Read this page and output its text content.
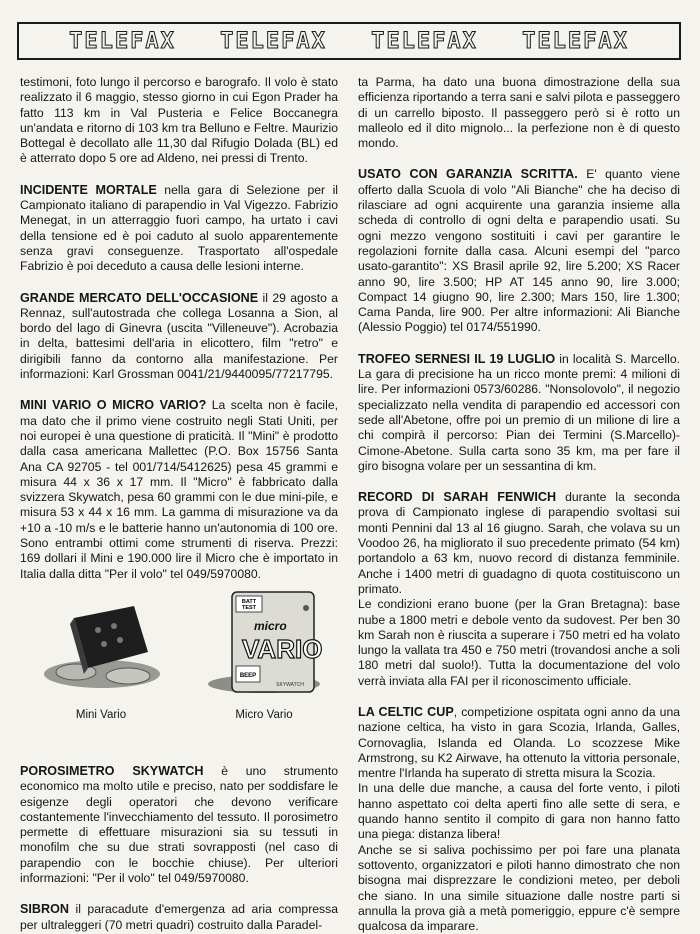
TELEFAX TELEFAX TELEFAX TELEFAX

testimoni, foto lungo il percorso e barografo. Il volo è stato realizzato il 6 maggio, stesso giorno in cui Egon Prader ha fatto 113 km in Val Pusteria e Felice Boccanegra un'andata e ritorno di 103 km tra Belluno e Feltre. Maurizio Bottegal è decollato alle 11,30 dal Rifugio Dolada (BL) ed è atterrato dopo 5 ore ad Aldeno, nei pressi di Trento.

INCIDENTE MORTALE nella gara di Selezione per il Campionato italiano di parapendio in Val Vigezzo. Fabrizio Menegat, in un atterraggio fuori campo, ha urtato i cavi della tensione ed è poi caduto al suolo apparentemente senza gravi conseguenze. Trasportato all'ospedale Fabrizio è poi deceduto a causa delle lesioni interne.

GRANDE MERCATO DELL'OCCASIONE il 29 agosto a Rennaz, sull'autostrada che collega Losanna a Sion, al bordo del lago di Ginevra (uscita "Villeneuve"). Acrobazia in delta, battesimi dell'aria in elicottero, film "retro" e dirigibili fanno da contorno alla manifestazione. Per informazioni: Karl Grossman 0041/21/9440095/77217795.

MINI VARIO O MICRO VARIO? La scelta non è facile, ma dato che il primo viene costruito negli Stati Uniti, per noi europei è una questione di praticità. Il "Mini" è prodotto dalla casa americana Mallettec (P.O. Box 15756 Santa Ana CA 92705 - tel 001/714/5412625) pesa 45 grammi e misura 44 x 36 x 17 mm. Il "Micro" è fabbricato dalla svizzera Skywatch, pesa 60 grammi con le due mini-pile, e misura 53 x 44 x 16 mm. La gamma di misurazione va da +10 a -10 m/s e le batterie hanno un'autonomia di 100 ore. Sono entrambi ottimi come strumenti di riserva. Prezzi: 169 dollari il Mini e 190.000 lire il Micro che è importato in Italia dalla ditta "Per il volo" tel 049/5970080.

BATT
TEST
micro
VARIO
BEEP
SKYWATCH
Mini Vario	Micro Vario

POROSIMETRO SKYWATCH è uno strumento economico ma molto utile e preciso, nato per soddisfare le esigenze degli operatori che devono verificare costantemente l'invecchiamento del tessuto. Il porosimetro permette di effettuare misurazioni sia su tessuti in monofilm che su due strati sovrapposti (nel caso di parapendio con le bocchie chiuse). Per ulteriori informazioni: "Per il volo" tel 049/5970080.

SIBRON il paracadute d'emergenza ad aria compressa per ultraleggeri (70 metri quadri) costruito dalla Paradel-

ta Parma, ha dato una buona dimostrazione della sua efficienza riportando a terra sani e salvi pilota e passeggero di un carrello biposto. Il passeggero però si è rotto un malleolo ed il dito mignolo... la perfezione non è di questo mondo.

USATO CON GARANZIA SCRITTA. E' quanto viene offerto dalla Scuola di volo "Ali Bianche" che ha deciso di rilasciare ad ogni acquirente una garanzia insieme alla scheda di controllo di ogni delta e parapendio usati. Su ogni mezzo vengono sostituiti i cavi per garantire le regolazioni fornite dalla casa. Alcuni esempi del "parco usato-garantito": XS Brasil aprile 92, lire 5.200; XS Racer anno 90, lire 3.500; HP AT 145 anno 90, lire 3.000; Compact 14 giugno 90, lire 2.300; Mars 150, lire 1.300; Cama Panda, lire 900. Per altre informazioni: Ali Bianche (Alessio Poggio) tel 0174/551990.

TROFEO SERNESI IL 19 LUGLIO in località S. Marcello. La gara di precisione ha un ricco monte premi: 4 milioni di lire. Per informazioni 0573/60286. "Nonsolovolo", il negozio specializzato nella vendita di parapendio ed accessori con sede all'Abetone, offre poi un premio di un milione di lire a chi compirà il percorso: Pian dei Termini (S.Marcello)-Cimone-Abetone. Sulla carta sono 35 km, ma per fare il giro bisogna volare per un sessantina di km.

RECORD DI SARAH FENWICH durante la seconda prova di Campionato inglese di parapendio svoltasi sui monti Pennini dal 13 al 16 giugno. Sarah, che volava su un Voodoo 26, ha migliorato il suo precedente primato (54 km) portandolo a 63 km, nuovo record di distanza femminile. Anche i 1400 metri di guadagno di quota costituiscono un primato.

Le condizioni erano buone (per la Gran Bretagna): base nube a 1800 metri e debole vento da sudovest. Per ben 30 km Sarah non è riuscita a superare i 750 metri ed ha volato lungo la vallata tra 450 e 750 metri (trovandosi anche a soli 180 metri dal suolo!). Tutta la documentazione del volo verrà inviata alla FAI per il riconoscimento ufficiale.

LA CELTIC CUP, competizione ospitata ogni anno da una nazione celtica, ha visto in gara Scozia, Irlanda, Galles, Cornovaglia, Islanda ed Olanda. Lo scozzese Mike Armstrong, su K2 Airwave, ha ottenuto la vittoria personale, mentre l'Irlanda ha superato di stretta misura la Scozia.

In una delle due manche, a causa del forte vento, i piloti hanno aspettato coi delta aperti fino alle sette di sera, e quando hanno sentito il compito di gara non hanno fatto una piega: distanza libera!

Anche se si saliva pochissimo per poi fare una planata sottovento, organizzatori e piloti hanno dimostrato che non bisogna mai disprezzare le condizioni meteo, per deboli che siano. In una simile situazione dalle nostre parti si annulla la prova già a metà pomeriggio, eppure c'è sempre qualcosa da imparare.
